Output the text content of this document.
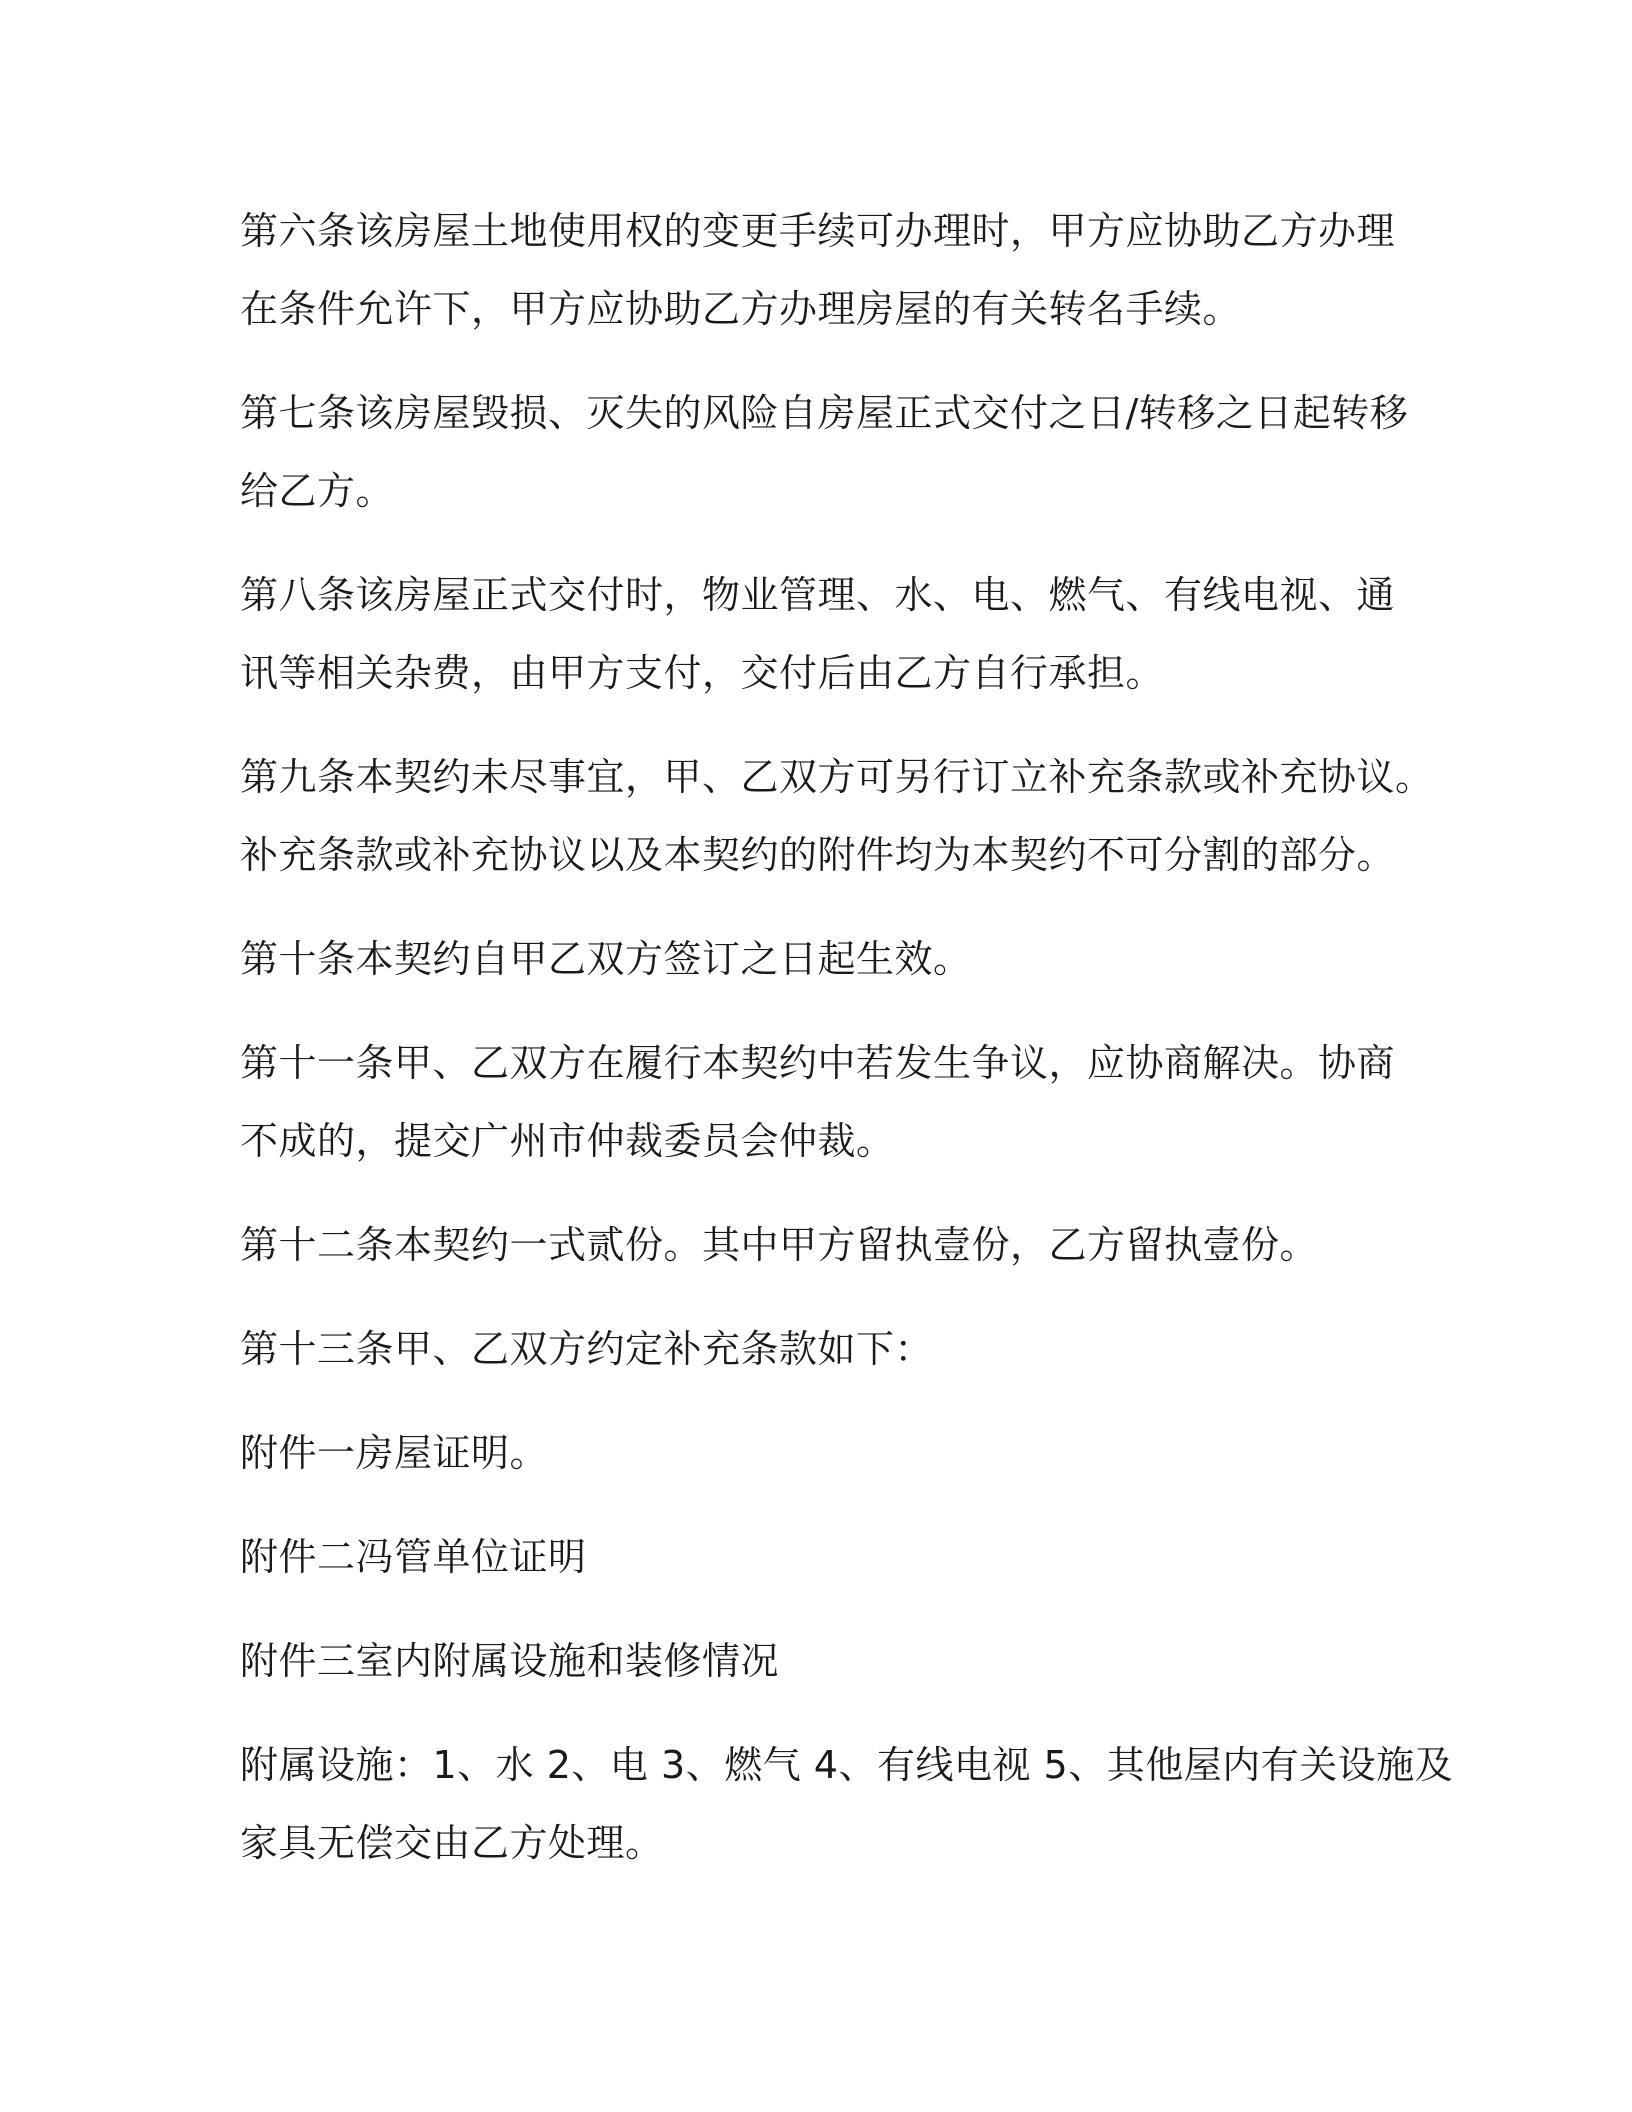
第六条该房屋土地使用权的变更手续可办理时，甲方应协助乙方办理
在条件允许下，甲方应协助乙方办理房屋的有关转名手续。

第七条该房屋毁损、灭失的风险自房屋正式交付之日/转移之日起转移
给乙方。

第八条该房屋正式交付时，物业管理、水、电、燃气、有线电视、通
讯等相关杂费，由甲方支付，交付后由乙方自行承担。

第九条本契约未尽事宜，甲、乙双方可另行订立补充条款或补充协议。
补充条款或补充协议以及本契约的附件均为本契约不可分割的部分。

第十条本契约自甲乙双方签订之日起生效。

第十一条甲、乙双方在履行本契约中若发生争议，应协商解决。协商
不成的，提交广州市仲裁委员会仲裁。

第十二条本契约一式贰份。其中甲方留执壹份，乙方留执壹份。

第十三条甲、乙双方约定补充条款如下：

附件一房屋证明。

附件二冯管单位证明

附件三室内附属设施和装修情况

附属设施：1、水 2、电 3、燃气 4、有线电视 5、其他屋内有关设施及
家具无偿交由乙方处理。
